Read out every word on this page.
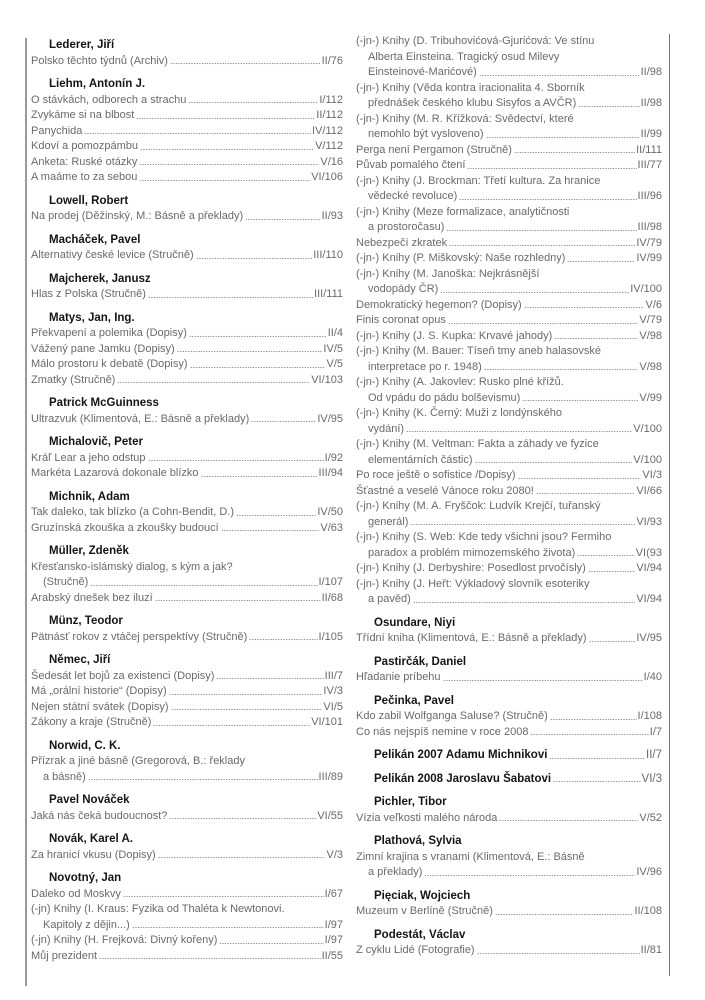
Lederer, Jiří
Polsko těchto týdnů (Archiv)	II/76
Liehm, Antonín J.
O stávkách, odborech a strachu	I/112
Zvykáme si na blbost	II/112
Panychida	IV/112
Kdoví a pomozpámbu	V/112
Anketa: Ruské otázky	V/16
A maáme to za sebou	VI/106
Lowell, Robert
Na prodej (Děžinský, M.: Básně a překlady)	II/93
Macháček, Pavel
Alternativy české levice (Stručně)	III/110
Majcherek, Janusz
Hlas z Polska (Stručně)	III/111
Matys, Jan, Ing.
Překvapení a polemika (Dopisy)	II/4
Vážený pane Jamku (Dopisy)	IV/5
Málo prostoru k debatě (Dopisy)	V/5
Zmatky (Stručně)	VI/103
Patrick McGuinness
Ultrazvuk (Klimentová, E.: Básně a překlady)	IV/95
Michalovič, Peter
Kráľ Lear a jeho odstup	I/92
Markéta Lazarová dokonale blízko	III/94
Michnik, Adam
Tak daleko, tak blízko (a Cohn-Bendit, D.)	IV/50
Gruzínská zkouška a zkoušky budoucí	V/63
Müller, Zdeněk
Křesťansko-islámský dialog, s kým a jak?
(Stručně)	I/107
Arabský dnešek bez iluzí	II/68
Münz, Teodor
Pätnásť rokov z vtáčej perspektívy (Stručně)	I/105
Němec, Jiří
Šedesát let bojů za existenci (Dopisy)	III/7
Má „orální historie“ (Dopisy)	IV/3
Nejen státní svátek (Dopisy)	VI/5
Zákony a kraje (Stručně)	VI/101
Norwid, C. K.
Přízrak a jiné básně (Gregorová, B.: řeklady
a básně)	III/89
Pavel Nováček
Jaká nás čeká budoucnost?	VI/55
Novák, Karel A.
Za hranicí vkusu (Dopisy)	V/3
Novotný, Jan
Daleko od Moskvy	I/67
(-jn) Knihy (I. Kraus: Fyzika od Thaléta k Newtonovi.
Kapitoly z dějin...)	I/97
(-jn) Knihy (H. Frejková: Divný kořeny)	I/97
Můj prezident	II/55
(-jn-) Knihy (D. Tribuhovićová-Gjurićová: Ve stínu
Alberta Einsteina. Tragický osud Milevy
Einsteinové-Marićové)	II/98
(-jn-) Knihy (Věda kontra iracionalita 4. Sborník
přednášek českého klubu Sisyfos a AVČR)	II/98
(-jn-) Knihy (M. R. Křížková: Svědectví, které
nemohlo být vysloveno)	II/99
Perga není Pergamon (Stručně)	II/111
Půvab pomalého čtení	III/77
(-jn-) Knihy (J. Brockman: Třetí kultura. Za hranice
vědecké revoluce)	III/96
(-jn-) Knihy (Meze formalizace, analytičnosti
a prostoročasu)	III/98
Nebezpečí zkratek	IV/79
(-jn-) Knihy (P. Miškovský: Naše rozhledny)	IV/99
(-jn-) Knihy (M. Janoška: Nejkrásnější
vodopády ČR)	IV/100
Demokratický hegemon? (Dopisy)	V/6
Finis coronat opus	V/79
(-jn-) Knihy (J. S. Kupka: Krvavé jahody)	V/98
(-jn-) Knihy (M. Bauer: Tíseň tmy aneb halasovské
interpretace po r. 1948)	V/98
(-jn-) Knihy (A. Jakovlev: Rusko plné křížů.
Od vpádu do pádu bolševismu)	V/99
(-jn-) Knihy (K. Černý: Muži z londýnského
vydání)	V/100
(-jn-) Knihy (M. Veltman: Fakta a záhady ve fyzice
elementárních částic)	V/100
Po roce ještě o sofistice /Dopisy)	VI/3
Šťastné a veselé Vánoce roku 2080!	VI/66
(-jn-) Knihy (M. A. Fryščok: Ludvík Krejčí, tuřanský
generál)	VI/93
(-jn-) Knihy (S. Web: Kde tedy všichni jsou? Fermiho
paradox a problém mimozemského života)	VI(93
(-jn-) Knihy (J. Derbyshire: Posedlost prvočísly)	VI/94
(-jn-) Knihy (J. Heřt: Výkladový slovník esoteriky
a pavěd)	VI/94
Osundare, Niyi
Třídní kniha (Klimentová, E.: Básně a překlady)	IV/95
Pastirčák, Daniel
Hľadanie príbehu	I/40
Pečinka, Pavel
Kdo zabil Wolfganga Saluse? (Stručně)	I/108
Co nás nejspíš nemine v roce 2008	I/7
Pelikán 2007 Adamu Michnikovi	II/7
Pelikán 2008 Jaroslavu Šabatovi	VI/3
Pichler, Tibor
Vízia veľkosti malého národa	V/52
Plathová, Sylvia
Zimní krajina s vranami (Klimentová, E.: Básně
a překlady)	IV/96
Pięciak, Wojciech
Muzeum v Berlíně (Stručně)	II/108
Podestát, Václav
Z cyklu Lidé (Fotografie)	II/81
